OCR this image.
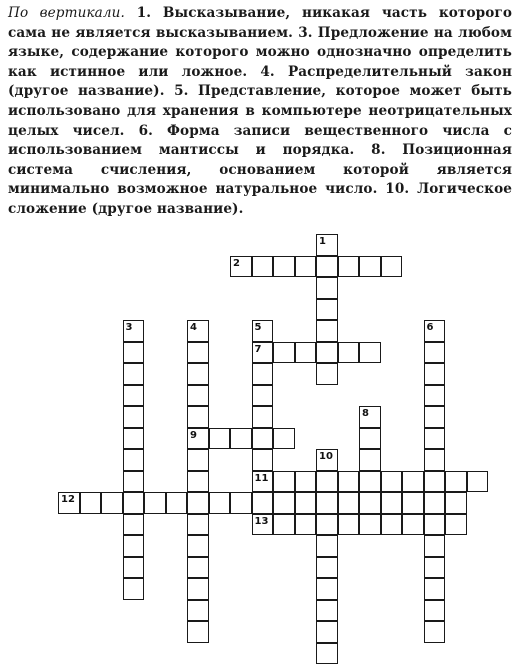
По вертикали. 1. Высказывание, никакая часть которого сама не является высказыванием. 3. Предложение на любом языке, содержание которого можно однозначно определить как истинное или ложное. 4. Распределительный закон (другое название). 5. Представление, которое может быть использовано для хранения в компьютере неотрицательных целых чисел. 6. Форма записи вещественного числа с использованием мантиссы и порядка. 8. Позиционная система счисления, основанием которой является минимально возможное натуральное число. 10. Логическое сложение (другое название).
1
2
3	4	5	6
7
8
9
10
11
12
13
